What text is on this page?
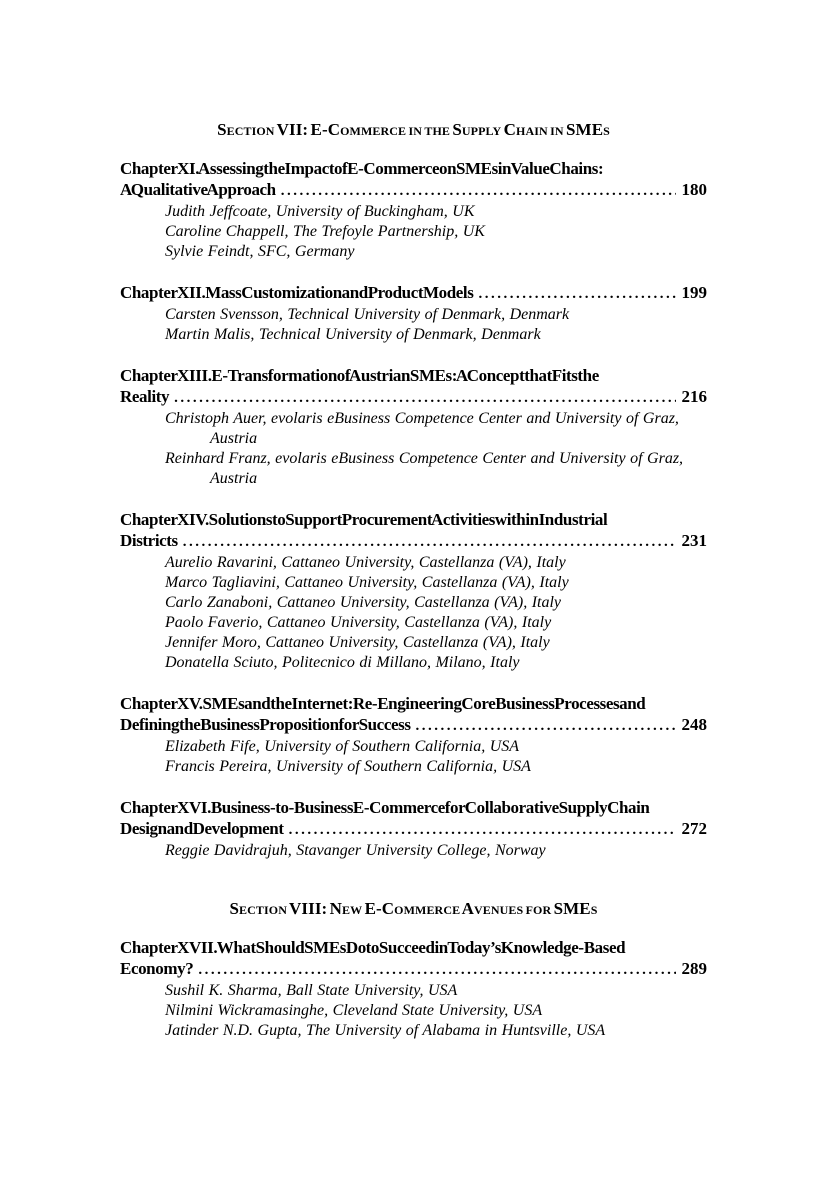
Section VII: E-Commerce in the Supply Chain in SMEs
Chapter XI. Assessing the Impact of E-Commerce on SMEs in Value Chains:
A Qualitative Approach .....	180
Judith Jeffcoate, University of Buckingham, UK
Caroline Chappell, The Trefoyle Partnership, UK
Sylvie Feindt, SFC, Germany
Chapter XII. Mass Customization and Product Models .....	199
Carsten Svensson, Technical University of Denmark, Denmark
Martin Malis, Technical University of Denmark, Denmark
Chapter XIII. E-Transformation of Austrian SMEs: A Concept that Fits the
Reality .....	216
Christoph Auer, evolaris eBusiness Competence Center and University of Graz,
Austria
Reinhard Franz, evolaris eBusiness Competence Center and University of Graz,
Austria
Chapter XIV. Solutions to Support Procurement Activities within Industrial
Districts .....	231
Aurelio Ravarini, Cattaneo University, Castellanza (VA), Italy
Marco Tagliavini, Cattaneo University, Castellanza (VA), Italy
Carlo Zanaboni, Cattaneo University, Castellanza (VA), Italy
Paolo Faverio, Cattaneo University, Castellanza (VA), Italy
Jennifer Moro, Cattaneo University, Castellanza (VA), Italy
Donatella Sciuto, Politecnico di Millano, Milano, Italy
Chapter XV. SMEs and the Internet: Re-Engineering Core Business Processes and
Defining the Business Proposition for Success .....	248
Elizabeth Fife, University of Southern California, USA
Francis Pereira, University of Southern California, USA
Chapter XVI. Business-to-Business E-Commerce for Collaborative Supply Chain
Design and Development .....	272
Reggie Davidrajuh, Stavanger University College, Norway
Section VIII: New E-Commerce Avenues for SMEs
Chapter XVII. What Should SMEs Do to Succeed in Today’s Knowledge-Based
Economy? .....	289
Sushil K. Sharma, Ball State University, USA
Nilmini Wickramasinghe, Cleveland State University, USA
Jatinder N.D. Gupta, The University of Alabama in Huntsville, USA
